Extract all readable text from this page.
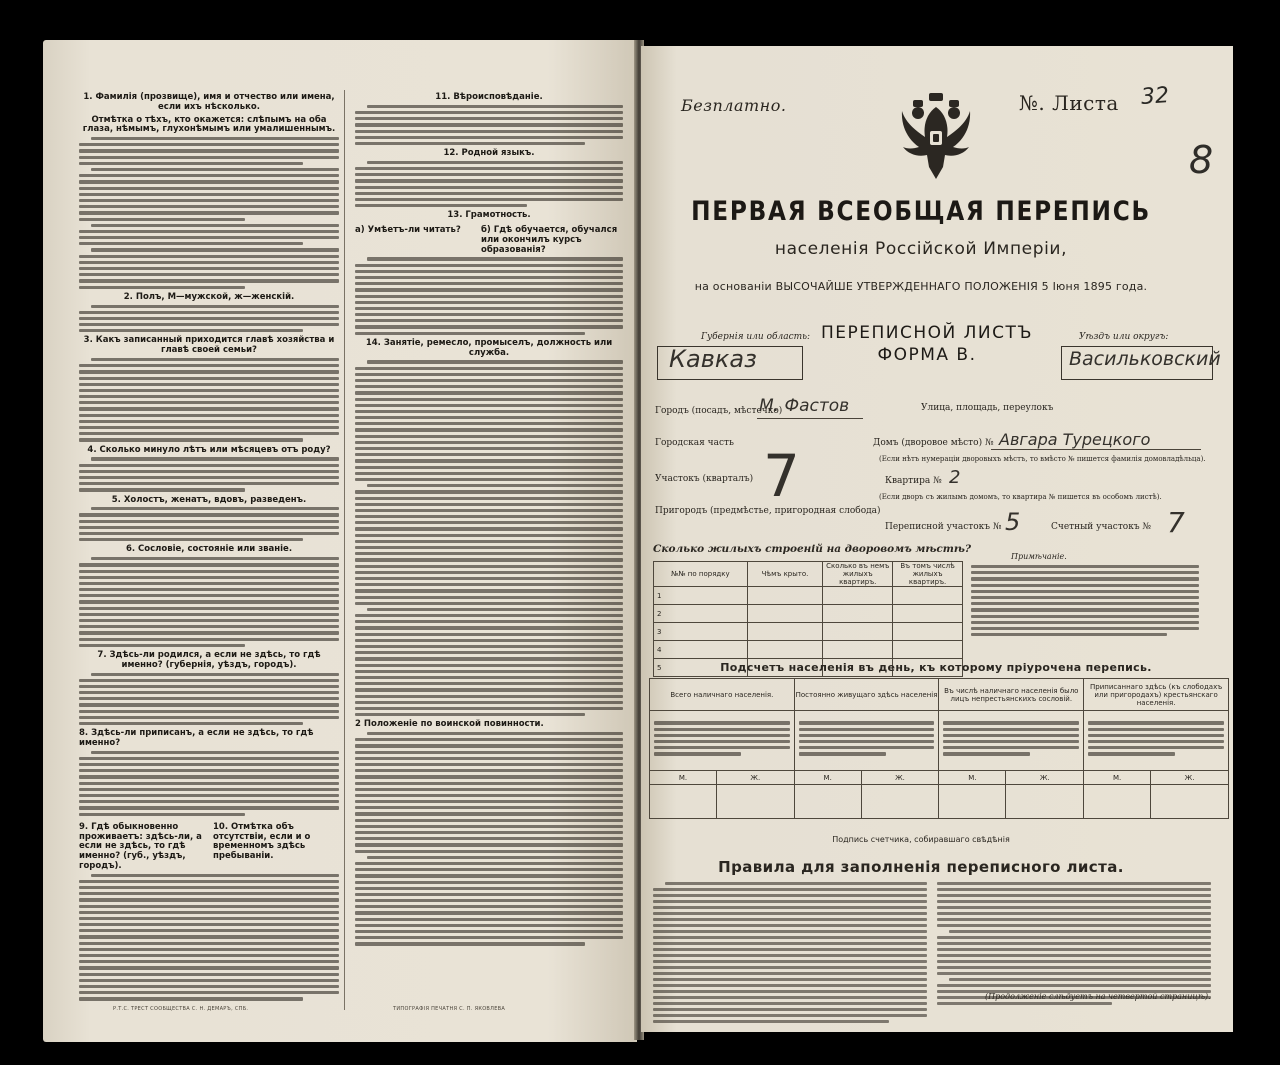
1. Фамилія (прозвище), имя и отчество или имена, если ихъ нѣсколько.
Отмѣтка о тѣхъ, кто окажется: слѣпымъ на оба глаза, нѣмымъ, глухонѣмымъ или умалишеннымъ.
2. Полъ, М—мужской, ж—женскій.
3. Какъ записанный приходится главѣ хозяйства и главѣ своей семьи?
4. Сколько минуло лѣтъ или мѣсяцевъ отъ роду?
5. Холостъ, женатъ, вдовъ, разведенъ.
6. Сословіе, состояніе или званіе.
7. Здѣсь-ли родился, а если не здѣсь, то гдѣ именно? (губернія, уѣздъ, городъ).
8. Здѣсь-ли приписанъ, а если не здѣсь, то гдѣ именно?
9. Гдѣ обыкновенно проживаетъ: здѣсь-ли, а если не здѣсь, то гдѣ именно? (губ., уѣздъ, городъ).
10. Отмѣтка объ отсутствіи, если и о временномъ здѣсь пребываніи.
11. Вѣроисповѣданіе.
12. Родной языкъ.
13. Грамотность.
а) Умѣетъ-ли читать?	б) Гдѣ обучается, обучался или окончилъ курсъ образованія?
14. Занятіе, ремесло, промыселъ, должность или служба.
2 Положеніе по воинской повинности.
Р.Т.С. ТРЕСТ СООБЩЕСТВА С. Н. ДЕМАРЪ, СПБ.	ТИПОГРАФІЯ ПЕЧАТНЯ С. П. ЯКОВЛЕВА
Безплатно.	№. Листа 32
8
ПЕРВАЯ ВСЕОБЩАЯ ПЕРЕПИСЬ
населенія Россійской Имперіи,
на основаніи ВЫСОЧАЙШЕ УТВЕРЖДЕННАГО ПОЛОЖЕНІЯ 5 Іюня 1895 года.
Губернія или область:
Кавказ
ПЕРЕПИСНОЙ ЛИСТЪ
ФОРМА В.
Уѣздъ или округъ:
Васильковский
Городъ (посадъ, мѣстечко)
М. Фастов	Улица, площадь, переулокъ
Городская часть	Домъ (дворовое мѣсто) № Авгара Турецкого
(Если нѣтъ нумераціи дворовыхъ мѣстъ, то вмѣсто № пишется фамилія домовладѣльца).
Участокъ (кварталъ) 7	Квартира № 2
Пригородъ (предмѣстье, пригородная слобода)
(Если дворъ съ жилымъ домомъ, то квартира № пишется въ особомъ листѣ).
Переписной участокъ № 5	Счетный участокъ № 7
Сколько жилыхъ строеній на дворовомъ мѣстѣ?
№№ по порядку	Чѣмъ крыто.	Сколько въ немъ жилыхъ квартиръ.	Въ томъ числѣ жилыхъ квартиръ.
1			
2			
3			
4			
5			
Примѣчаніе.
Подсчетъ населенія въ день, къ которому пріурочена перепись.
Всего наличнаго населенія.		Постоянно живущаго здѣсь населенія		Въ числѣ наличнаго населенія было лицъ непрестьянскихъ сословій.		Приписаннаго здѣсь (къ слободахъ или пригородахъ) крестьянскаго населенія.	

М.	Ж.	М.	Ж.	М.	Ж.	М.	Ж.

Подпись счетчика, собиравшаго свѣдѣнія
Правила для заполненія переписного листа.
(Продолженіе слѣдуетъ на четвертой страницѣ).
